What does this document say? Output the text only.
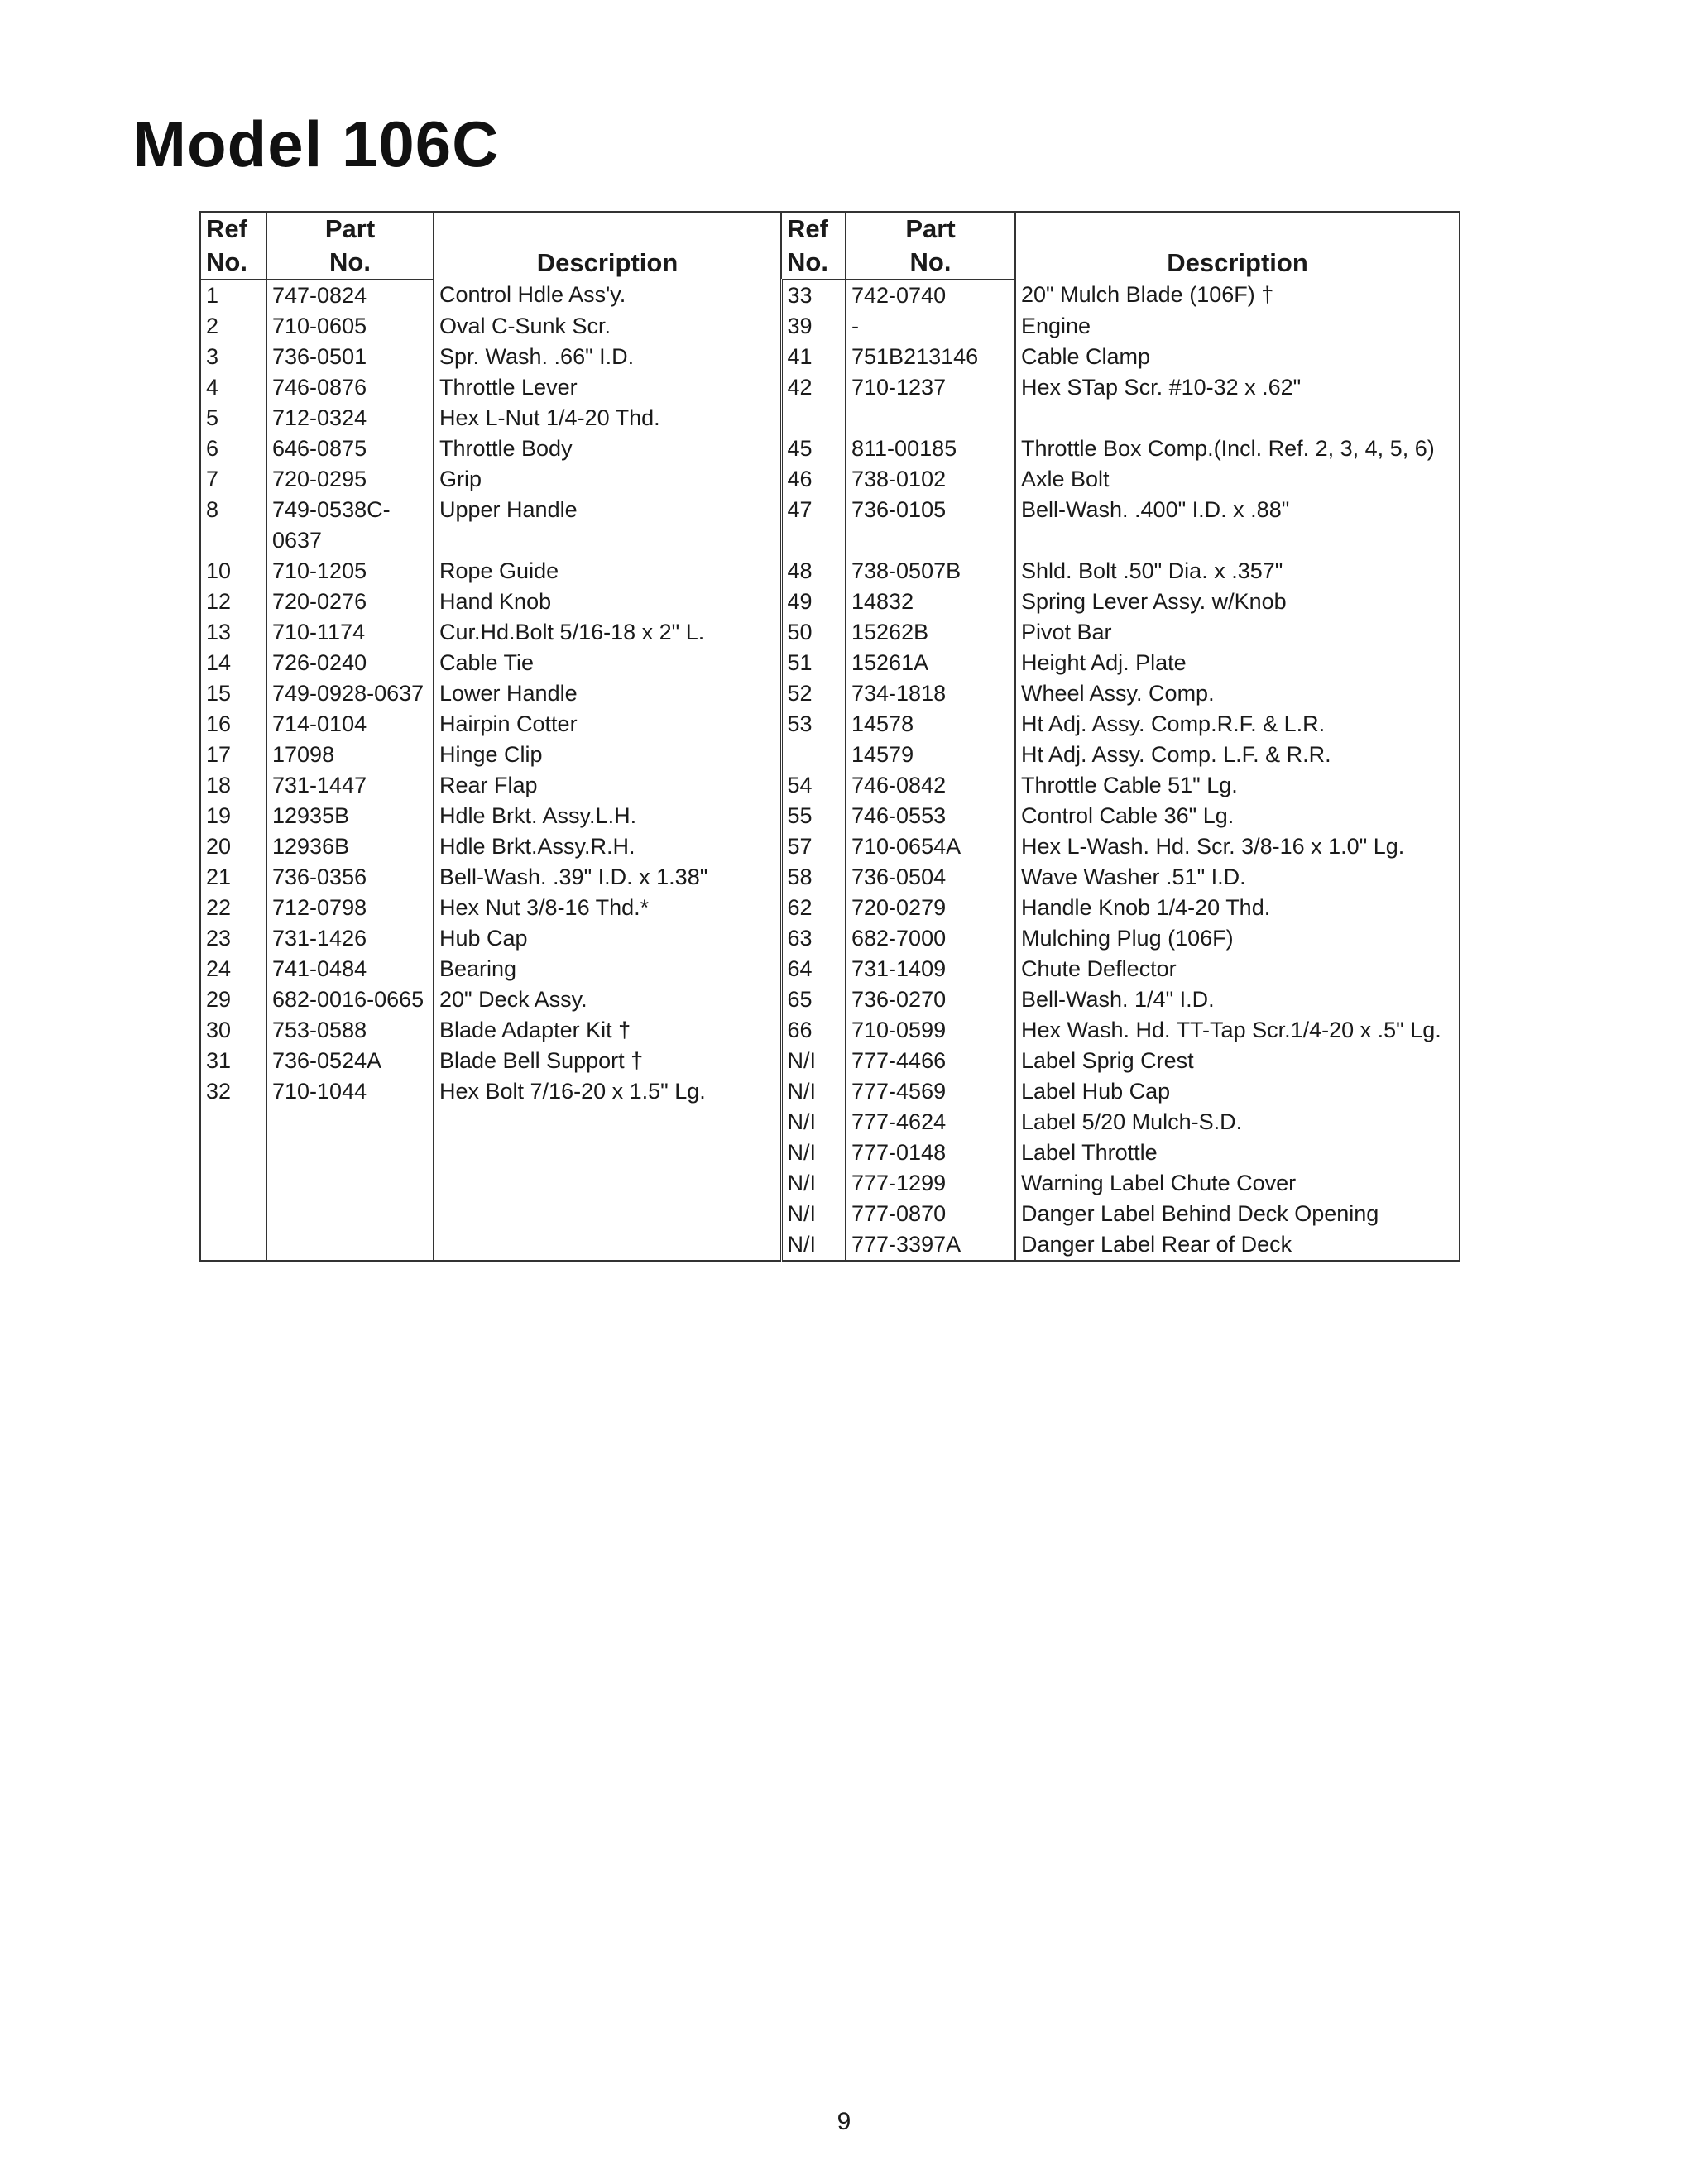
Model 106C
Ref	Part	Description	Ref	Part	Description
No.	No.		No.	No.	
1	747-0824	Control Hdle Ass'y.	33	742-0740	20" Mulch Blade (106F) †
2	710-0605	Oval C-Sunk Scr.	39	-	Engine
3	736-0501	Spr. Wash. .66" I.D.	41	751B213146	Cable Clamp
4	746-0876	Throttle Lever	42	710-1237	Hex STap Scr. #10-32 x .62"
5	712-0324	Hex L-Nut 1/4-20 Thd.			
6	646-0875	Throttle Body	45	811-00185	Throttle Box Comp.(Incl. Ref. 2, 3, 4, 5, 6)
7	720-0295	Grip	46	738-0102	Axle Bolt
8	749-0538C-0637	Upper Handle	47	736-0105	Bell-Wash. .400" I.D. x .88"
10	710-1205	Rope Guide	48	738-0507B	Shld. Bolt .50" Dia. x .357"
12	720-0276	Hand Knob	49	14832	Spring Lever Assy. w/Knob
13	710-1174	Cur.Hd.Bolt 5/16-18 x 2" L.	50	15262B	Pivot Bar
14	726-0240	Cable Tie	51	15261A	Height Adj. Plate
15	749-0928-0637	Lower Handle	52	734-1818	Wheel Assy. Comp.
16	714-0104	Hairpin Cotter	53	14578	Ht Adj. Assy. Comp.R.F. & L.R.
17	17098	Hinge Clip		14579	Ht Adj. Assy. Comp. L.F. & R.R.
18	731-1447	Rear Flap	54	746-0842	Throttle Cable 51" Lg.
19	12935B	Hdle Brkt. Assy.L.H.	55	746-0553	Control Cable 36" Lg.
20	12936B	Hdle Brkt.Assy.R.H.	57	710-0654A	Hex L-Wash. Hd. Scr. 3/8-16 x 1.0" Lg.
21	736-0356	Bell-Wash. .39" I.D. x 1.38"	58	736-0504	Wave Washer .51" I.D.
22	712-0798	Hex Nut 3/8-16 Thd.*	62	720-0279	Handle Knob 1/4-20 Thd.
23	731-1426	Hub Cap	63	682-7000	Mulching Plug (106F)
24	741-0484	Bearing	64	731-1409	Chute Deflector
29	682-0016-0665	20" Deck Assy.	65	736-0270	Bell-Wash. 1/4" I.D.
30	753-0588	Blade Adapter Kit †	66	710-0599	Hex Wash. Hd. TT-Tap Scr.1/4-20 x .5" Lg.
31	736-0524A	Blade Bell Support †	N/I	777-4466	Label Sprig Crest
32	710-1044	Hex Bolt 7/16-20 x 1.5" Lg.	N/I	777-4569	Label Hub Cap
			N/I	777-4624	Label 5/20 Mulch-S.D.
			N/I	777-0148	Label Throttle
			N/I	777-1299	Warning Label Chute Cover
			N/I	777-0870	Danger Label Behind Deck Opening
			N/I	777-3397A	Danger Label Rear of Deck

9
